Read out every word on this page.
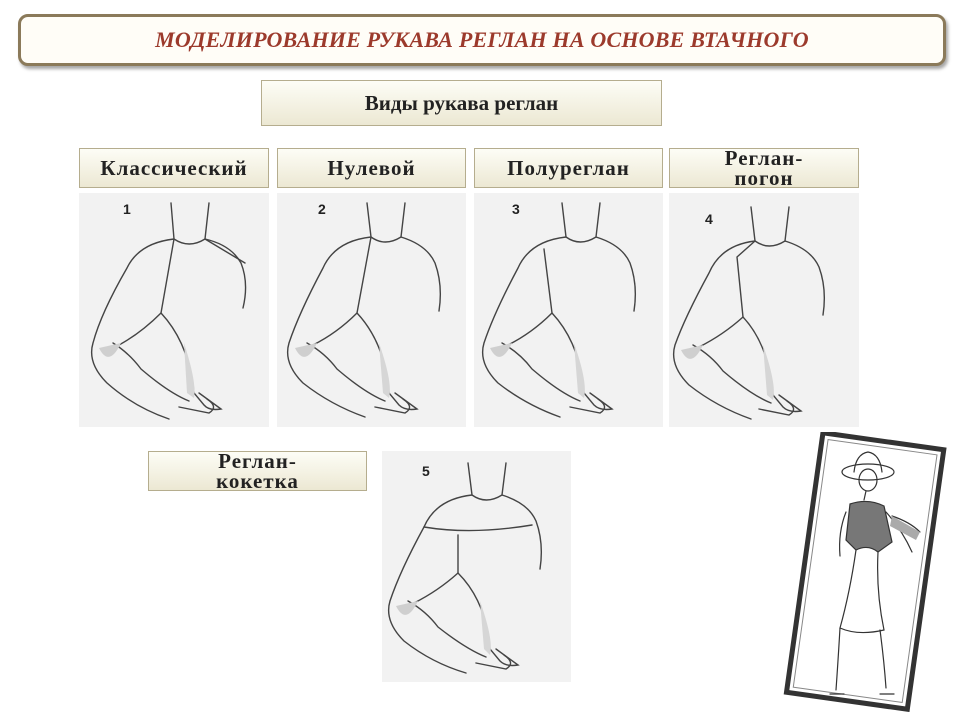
МОДЕЛИРОВАНИЕ РУКАВА РЕГЛАН НА ОСНОВЕ ВТАЧНОГО
Виды рукава реглан
Классический	Нулевой	Полуреглан	Реглан-погон
Реглан-кокетка
1	2	3
4
5
